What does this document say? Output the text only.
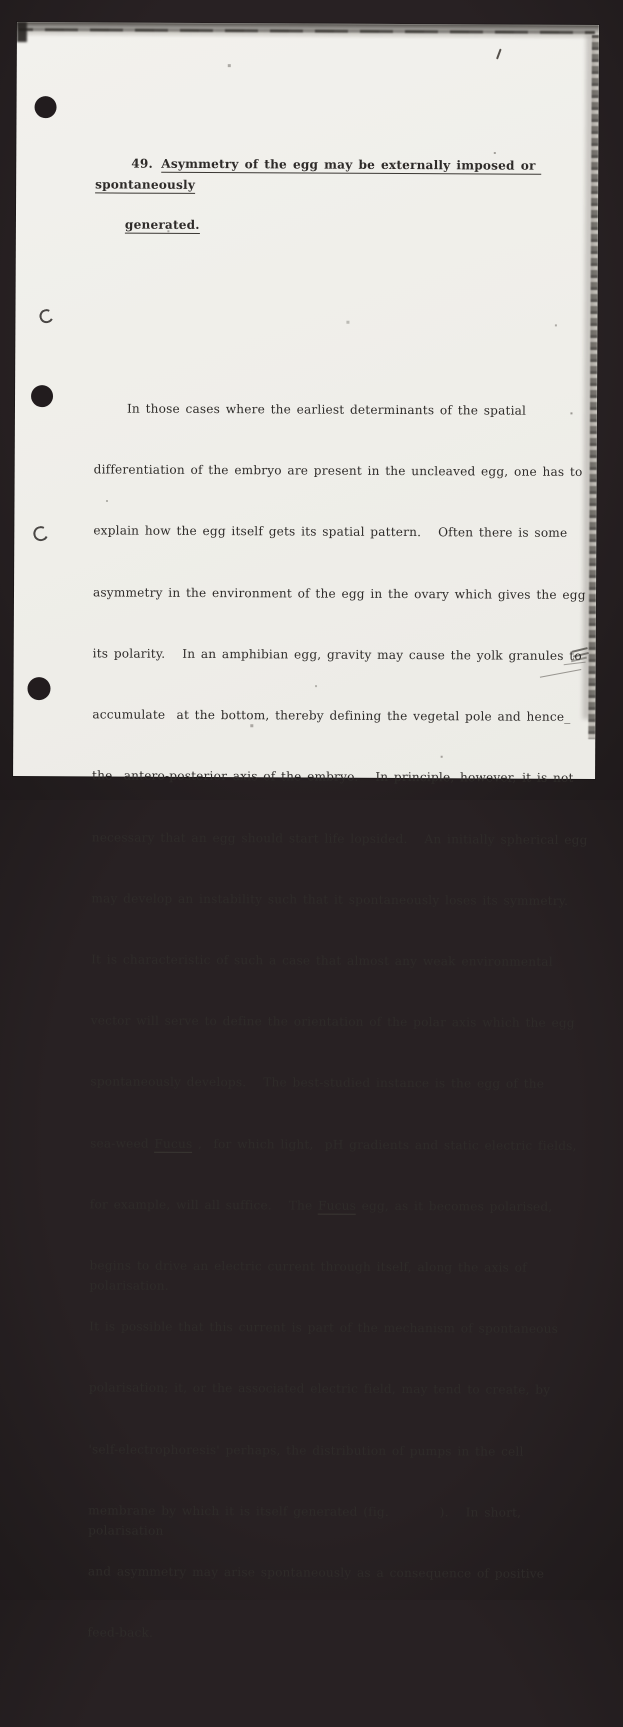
49. Asymmetry of the egg may be externally imposed or spontaneously

generated.

In those cases where the earliest determinants of the spatial

differentiation of the embryo are present in the uncleaved egg, one has to

explain how the egg itself gets its spatial pattern.   Often there is some

asymmetry in the environment of the egg in the ovary which gives the egg

its polarity.   In an amphibian egg, gravity may cause the yolk granules to

accumulate  at the bottom, thereby defining the vegetal pole and hence_

the  antero-posterior axis of the embryo.   In principle, however, it is not

necessary that an egg should start life lopsided.   An initially spherical egg

may develop an instability such that it spontaneously loses its symmetry.

It is characteristic of such a case that almost any weak environmental

vector will serve to define the orientation of the polar axis which the egg

spontaneously develops.   The best-studied instance is the egg of the

sea-weed Fucus ,  for which light,  pH gradients and static electric fields,

for example, will all suffice.   The Fucus egg, as it becomes polarised,

begins to drive an electric current through itself, along the axis of polarisation.

It is possible that this current is part of the mechanism of spontaneous

polarisation; it, or the associated electric field, may tend to create, by

'self-electrophoresis' perhaps, the distribution of pumps in the cell

membrane by which it is itself generated (fig.         ).   In short, polarisation

and asymmetry may arise spontaneously as a consequence of positive

feed-back.
